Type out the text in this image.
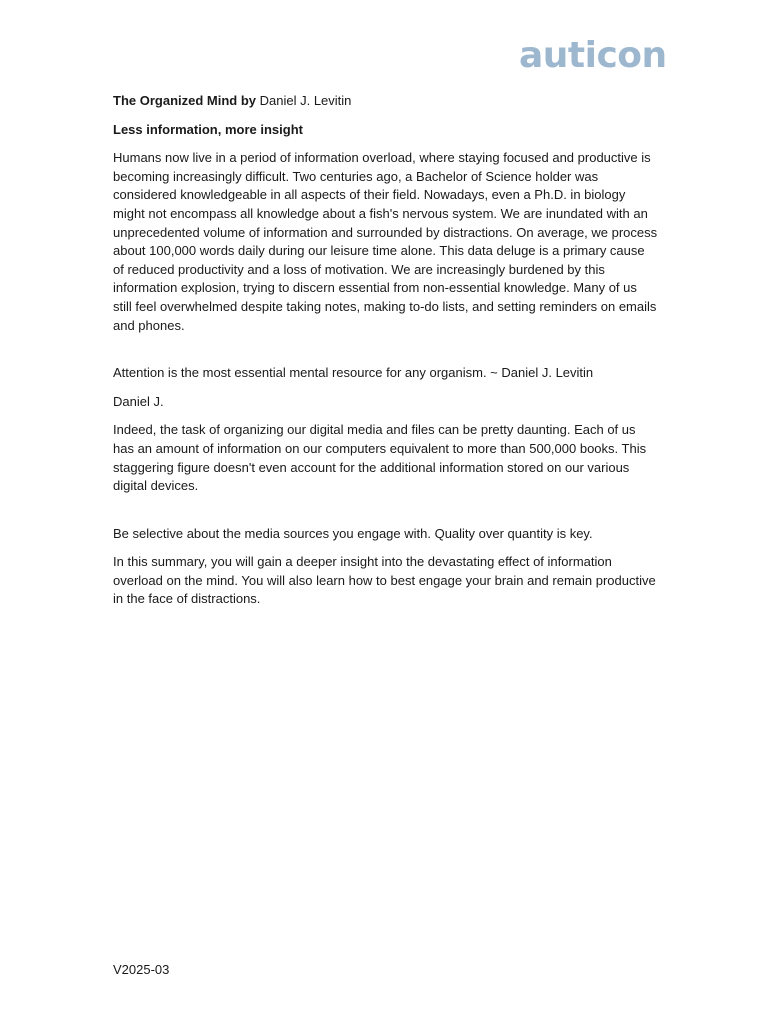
auticon

The Organized Mind by Daniel J. Levitin

Less information, more insight

Humans now live in a period of information overload, where staying focused and productive is becoming increasingly difficult. Two centuries ago, a Bachelor of Science holder was considered knowledgeable in all aspects of their field. Nowadays, even a Ph.D. in biology might not encompass all knowledge about a fish's nervous system. We are inundated with an unprecedented volume of information and surrounded by distractions. On average, we process about 100,000 words daily during our leisure time alone. This data deluge is a primary cause of reduced productivity and a loss of motivation. We are increasingly burdened by this information explosion, trying to discern essential from non-essential knowledge. Many of us still feel overwhelmed despite taking notes, making to-do lists, and setting reminders on emails and phones.

Attention is the most essential mental resource for any organism. ~ Daniel J. Levitin

Daniel J.

Indeed, the task of organizing our digital media and files can be pretty daunting. Each of us has an amount of information on our computers equivalent to more than 500,000 books. This staggering figure doesn't even account for the additional information stored on our various digital devices.

Be selective about the media sources you engage with. Quality over quantity is key.

In this summary, you will gain a deeper insight into the devastating effect of information overload on the mind. You will also learn how to best engage your brain and remain productive in the face of distractions.

V2025-03
